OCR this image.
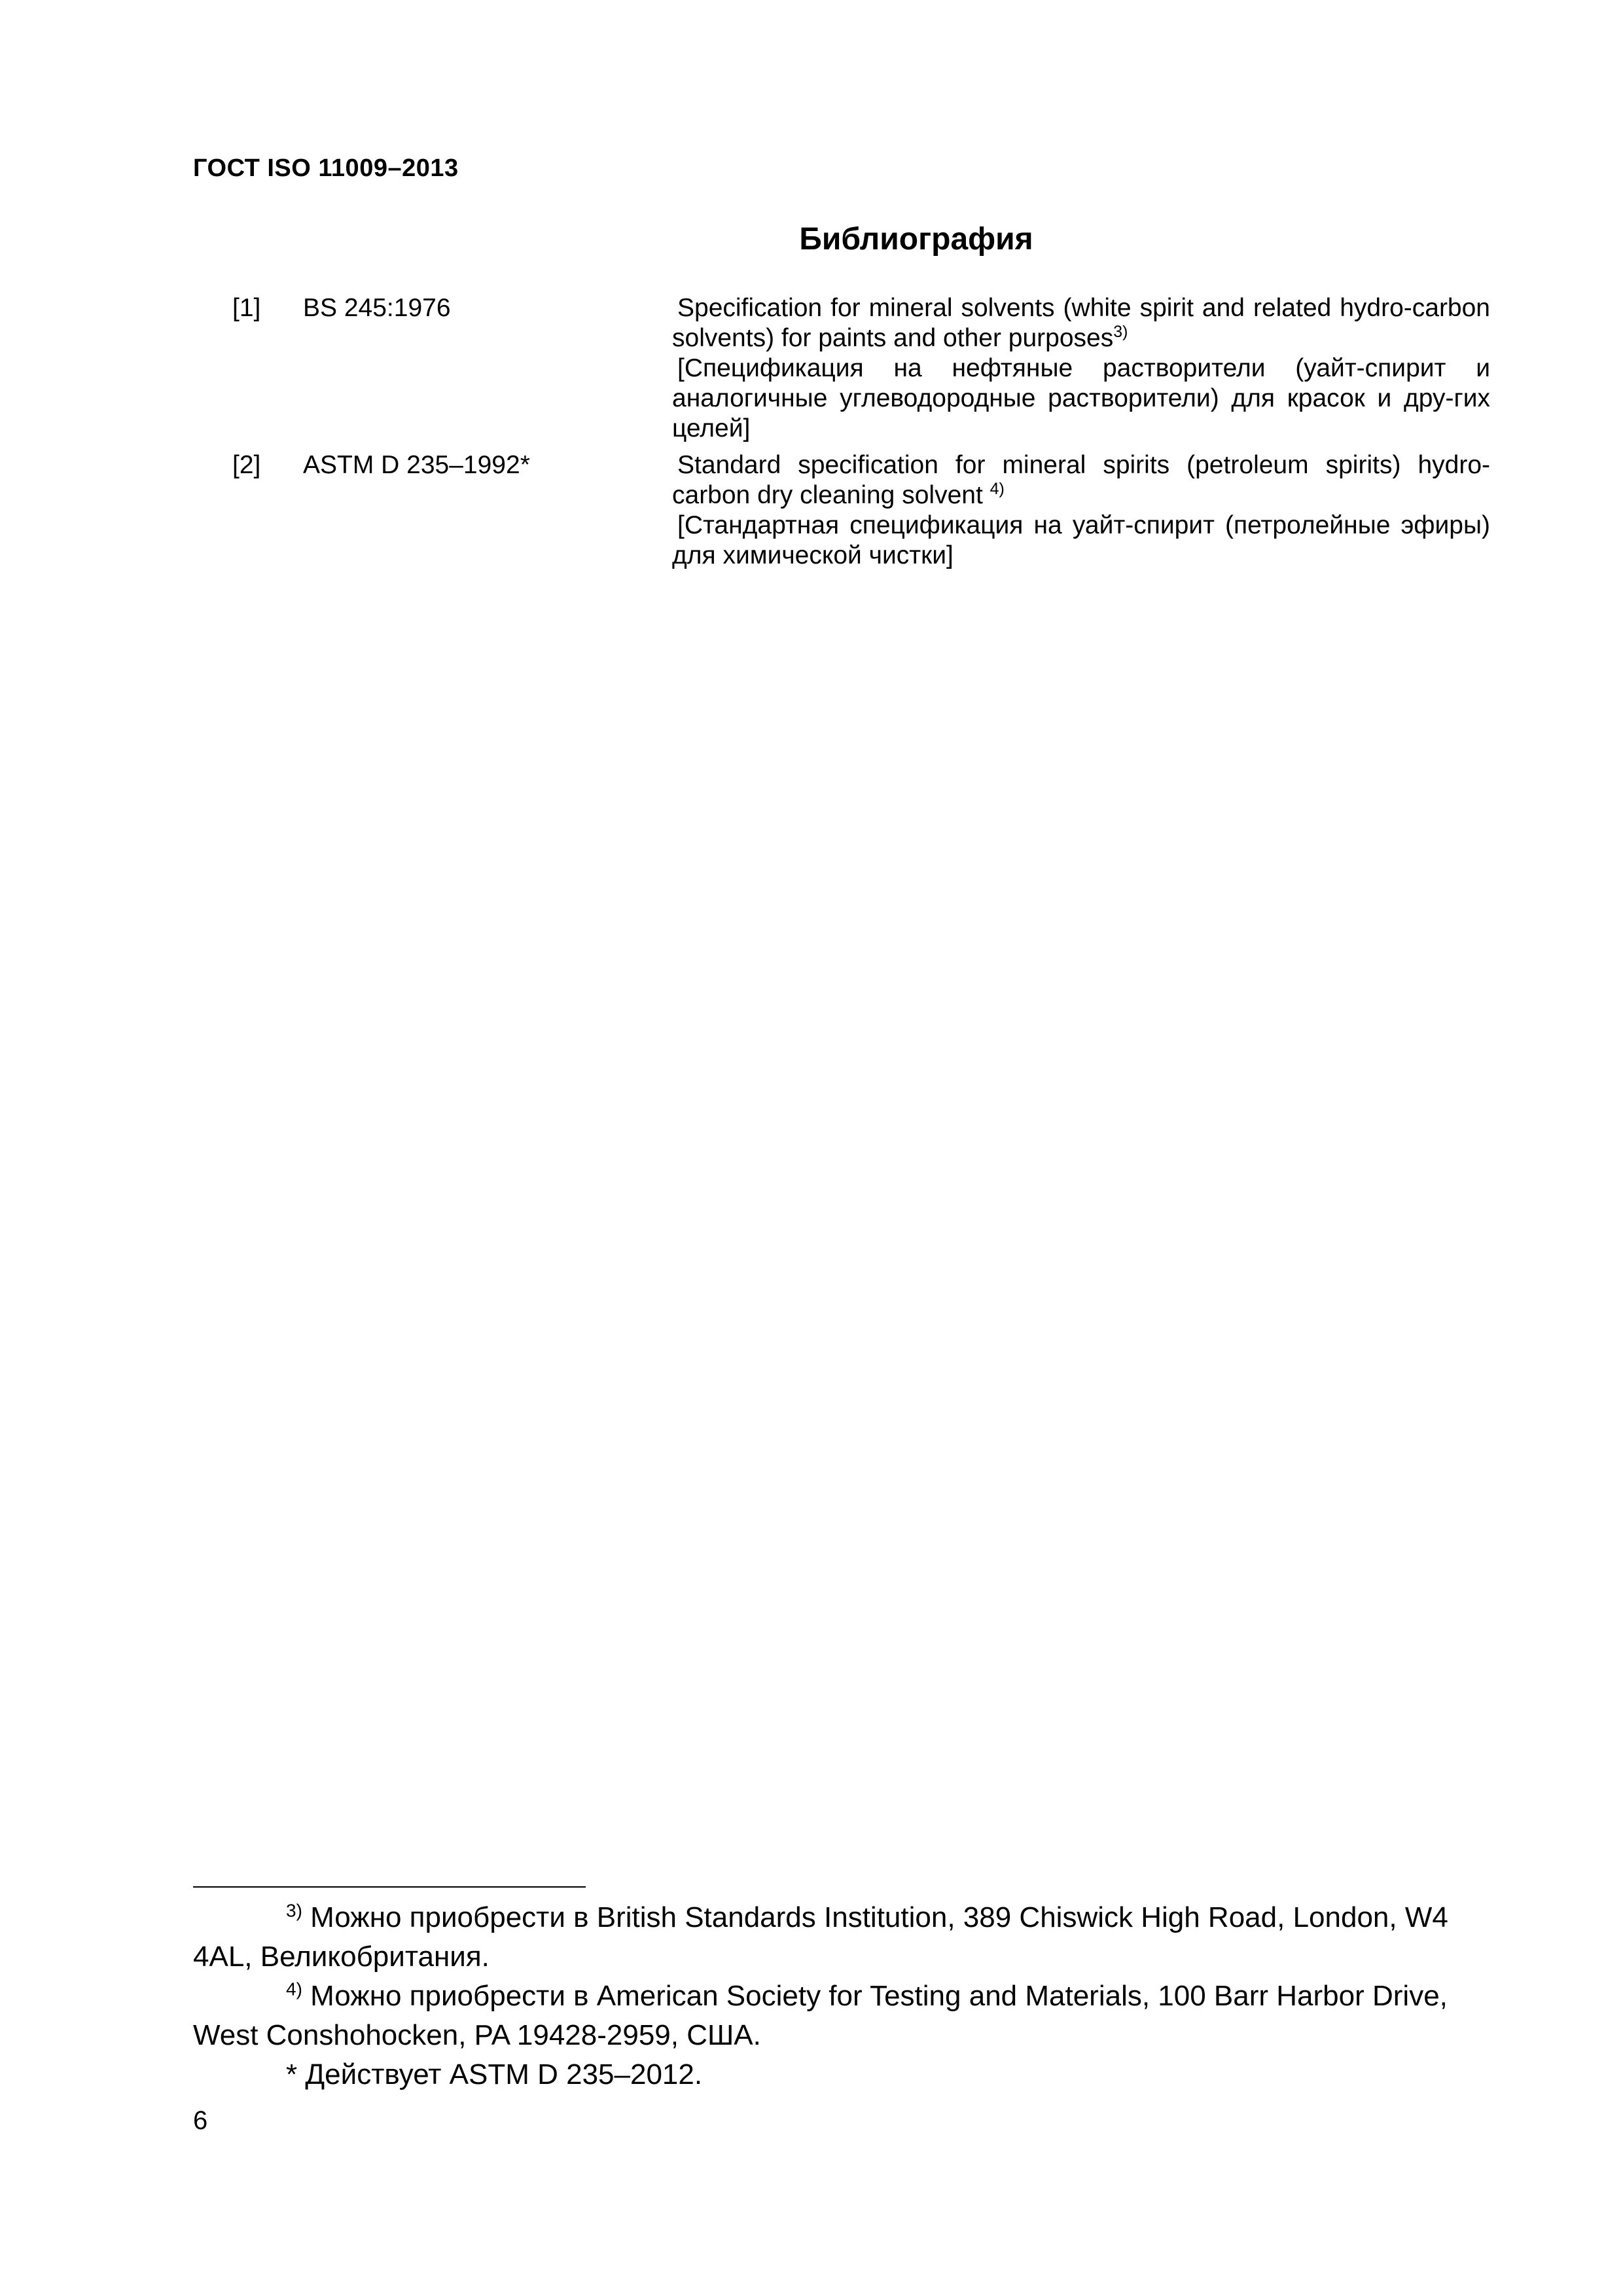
ГОСТ ISO 11009–2013
Библиография
[1] BS 245:1976	Specification for mineral solvents (white spirit and related hydro-carbon solvents) for paints and other purposes$^{3)}$
[Спецификация на нефтяные растворители (уайт-спирит и аналогичные углеводородные растворители) для красок и дру-гих целей]
[2] ASTM D 235–1992*	Standard specification for mineral spirits (petroleum spirits) hydro-carbon dry cleaning solvent $^{4)}$
[Стандартная спецификация на уайт-спирит (петролейные эфиры) для химической чистки]

$^{3)}$ Можно приобрести в British Standards Institution, 389 Chiswick High Road, London, W4 4AL, Великобритания.

$^{4)}$ Можно приобрести в American Society for Testing and Materials, 100 Barr Harbor Drive, West Conshohocken, PA 19428-2959, США.

* Действует ASTM D 235–2012.

6
